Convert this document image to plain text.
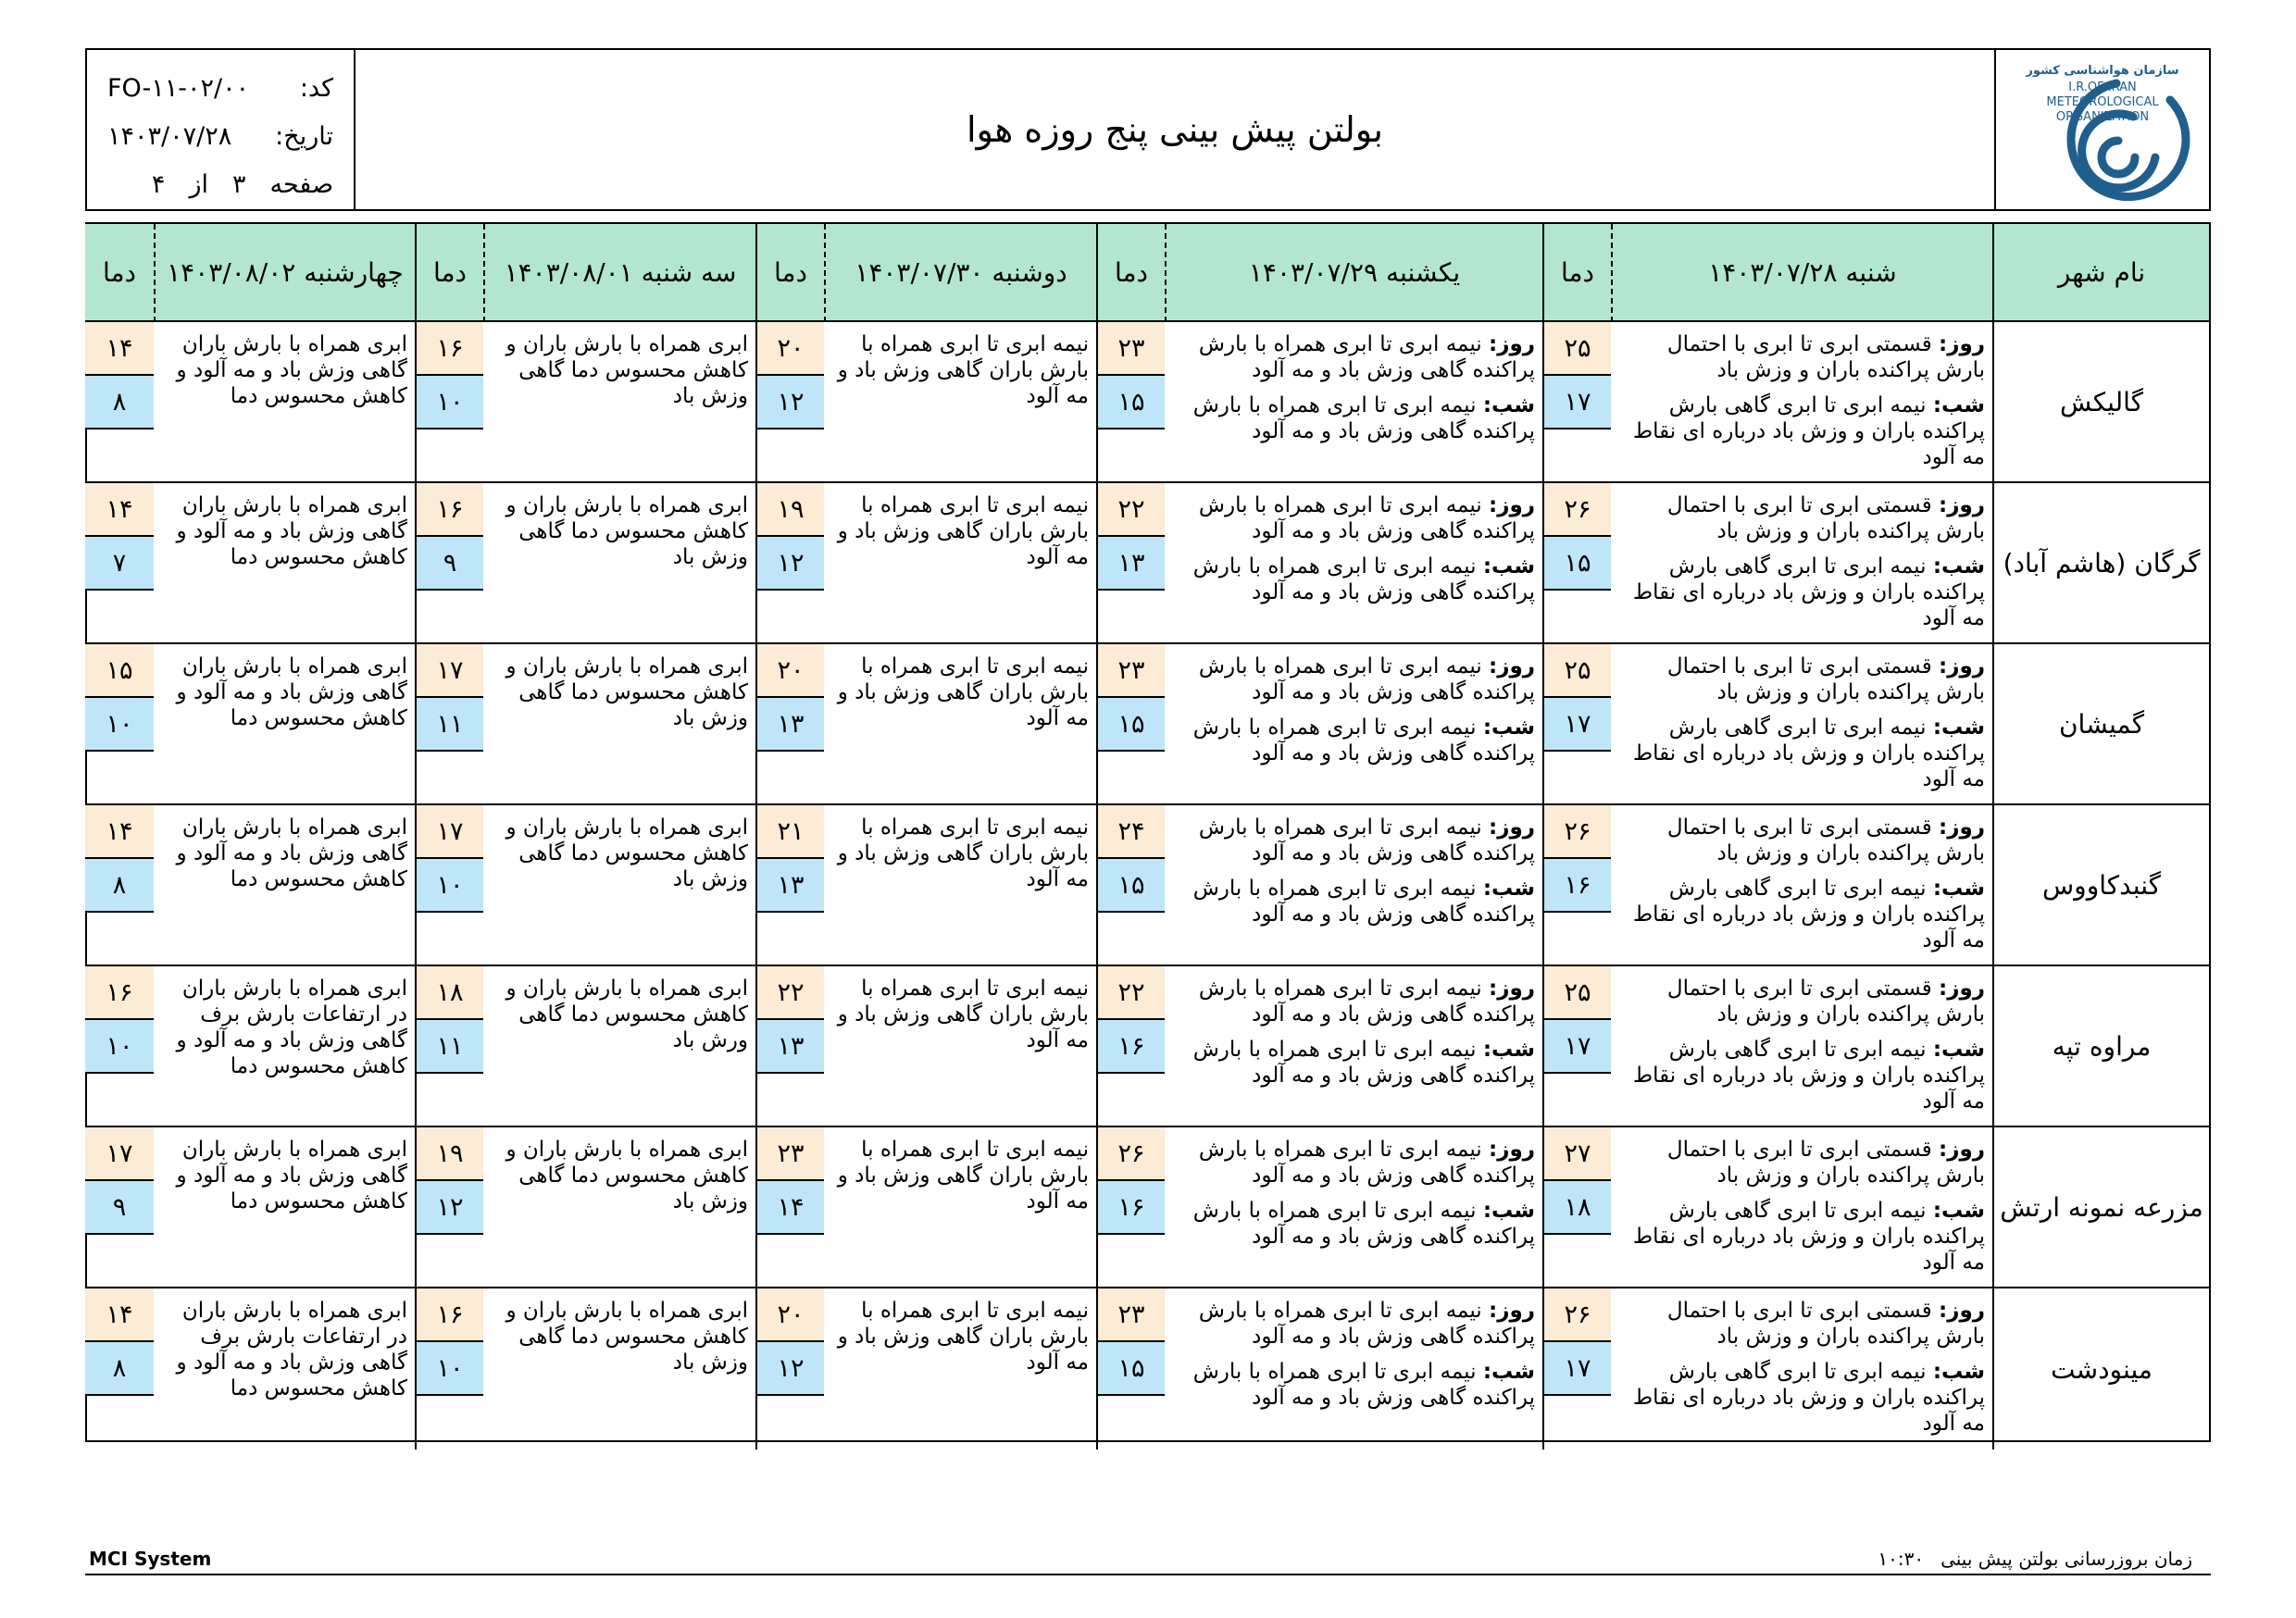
سازمان هواشناسی کشور
I.R.OF IRAN
METEOROLOGICAL
ORGANIZATION
بولتن پیش بینی پنج روزه هوا
کد:
FO-۱۱-۰۲/۰۰
تاریخ:
۱۴۰۳/۰۷/۲۸
صفحه
۳
از
۴
نام شهر
شنبه ۱۴۰۳/۰۷/۲۸
دما
یکشنبه ۱۴۰۳/۰۷/۲۹
دما
دوشنبه ۱۴۰۳/۰۷/۳۰
دما
سه شنبه ۱۴۰۳/۰۸/۰۱
دما
چهارشنبه ۱۴۰۳/۰۸/۰۲
دما
گالیکش
روز: قسمتی ابری تا ابری با احتمال بارش پراکنده باران و وزش باد
شب: نیمه ابری تا ابری گاهی بارش پراکنده باران و وزش باد درباره ای نقاط مه آلود
۲۵
۱۷
روز: نیمه ابری تا ابری همراه با بارش پراکنده گاهی وزش باد و مه آلود
شب: نیمه ابری تا ابری همراه با بارش پراکنده گاهی وزش باد و مه آلود
۲۳
۱۵
نیمه ابری تا ابری همراه با بارش باران گاهی وزش باد و مه آلود
۲۰
۱۲
ابری همراه با بارش باران و کاهش محسوس دما گاهی وزش باد
۱۶
۱۰
ابری همراه با بارش باران گاهی وزش باد و مه آلود و کاهش محسوس دما
۱۴
۸
گرگان (هاشم آباد)
روز: قسمتی ابری تا ابری با احتمال بارش پراکنده باران و وزش باد
شب: نیمه ابری تا ابری گاهی بارش پراکنده باران و وزش باد درباره ای نقاط مه آلود
۲۶
۱۵
روز: نیمه ابری تا ابری همراه با بارش پراکنده گاهی وزش باد و مه آلود
شب: نیمه ابری تا ابری همراه با بارش پراکنده گاهی وزش باد و مه آلود
۲۲
۱۳
نیمه ابری تا ابری همراه با بارش باران گاهی وزش باد و مه آلود
۱۹
۱۲
ابری همراه با بارش باران و کاهش محسوس دما گاهی وزش باد
۱۶
۹
ابری همراه با بارش باران گاهی وزش باد و مه آلود و کاهش محسوس دما
۱۴
۷
گمیشان
روز: قسمتی ابری تا ابری با احتمال بارش پراکنده باران و وزش باد
شب: نیمه ابری تا ابری گاهی بارش پراکنده باران و وزش باد درباره ای نقاط مه آلود
۲۵
۱۷
روز: نیمه ابری تا ابری همراه با بارش پراکنده گاهی وزش باد و مه آلود
شب: نیمه ابری تا ابری همراه با بارش پراکنده گاهی وزش باد و مه آلود
۲۳
۱۵
نیمه ابری تا ابری همراه با بارش باران گاهی وزش باد و مه آلود
۲۰
۱۳
ابری همراه با بارش باران و کاهش محسوس دما گاهی وزش باد
۱۷
۱۱
ابری همراه با بارش باران گاهی وزش باد و مه آلود و کاهش محسوس دما
۱۵
۱۰
گنبدکاووس
روز: قسمتی ابری تا ابری با احتمال بارش پراکنده باران و وزش باد
شب: نیمه ابری تا ابری گاهی بارش پراکنده باران و وزش باد درباره ای نقاط مه آلود
۲۶
۱۶
روز: نیمه ابری تا ابری همراه با بارش پراکنده گاهی وزش باد و مه آلود
شب: نیمه ابری تا ابری همراه با بارش پراکنده گاهی وزش باد و مه آلود
۲۴
۱۵
نیمه ابری تا ابری همراه با بارش باران گاهی وزش باد و مه آلود
۲۱
۱۳
ابری همراه با بارش باران و کاهش محسوس دما گاهی وزش باد
۱۷
۱۰
ابری همراه با بارش باران گاهی وزش باد و مه آلود و کاهش محسوس دما
۱۴
۸
مراوه تپه
روز: قسمتی ابری تا ابری با احتمال بارش پراکنده باران و وزش باد
شب: نیمه ابری تا ابری گاهی بارش پراکنده باران و وزش باد درباره ای نقاط مه آلود
۲۵
۱۷
روز: نیمه ابری تا ابری همراه با بارش پراکنده گاهی وزش باد و مه آلود
شب: نیمه ابری تا ابری همراه با بارش پراکنده گاهی وزش باد و مه آلود
۲۲
۱۶
نیمه ابری تا ابری همراه با بارش باران گاهی وزش باد و مه آلود
۲۲
۱۳
ابری همراه با بارش باران و کاهش محسوس دما گاهی ورش باد
۱۸
۱۱
ابری همراه با بارش باران در ارتفاعات بارش برف گاهی وزش باد و مه آلود و کاهش محسوس دما
۱۶
۱۰
مزرعه نمونه ارتش
روز: قسمتی ابری تا ابری با احتمال بارش پراکنده باران و وزش باد
شب: نیمه ابری تا ابری گاهی بارش پراکنده باران و وزش باد درباره ای نقاط مه آلود
۲۷
۱۸
روز: نیمه ابری تا ابری همراه با بارش پراکنده گاهی وزش باد و مه آلود
شب: نیمه ابری تا ابری همراه با بارش پراکنده گاهی وزش باد و مه آلود
۲۶
۱۶
نیمه ابری تا ابری همراه با بارش باران گاهی وزش باد و مه آلود
۲۳
۱۴
ابری همراه با بارش باران و کاهش محسوس دما گاهی وزش باد
۱۹
۱۲
ابری همراه با بارش باران گاهی وزش باد و مه آلود و کاهش محسوس دما
۱۷
۹
مینودشت
روز: قسمتی ابری تا ابری با احتمال بارش پراکنده باران و وزش باد
شب: نیمه ابری تا ابری گاهی بارش پراکنده باران و وزش باد درباره ای نقاط مه آلود
۲۶
۱۷
روز: نیمه ابری تا ابری همراه با بارش پراکنده گاهی وزش باد و مه آلود
شب: نیمه ابری تا ابری همراه با بارش پراکنده گاهی وزش باد و مه آلود
۲۳
۱۵
نیمه ابری تا ابری همراه با بارش باران گاهی وزش باد و مه آلود
۲۰
۱۲
ابری همراه با بارش باران و کاهش محسوس دما گاهی وزش باد
۱۶
۱۰
ابری همراه با بارش باران در ارتفاعات بارش برف گاهی وزش باد و مه آلود و کاهش محسوس دما
۱۴
۸
MCI System	زمان بروزرسانی بولتن پیش بینی۱۰:۳۰
